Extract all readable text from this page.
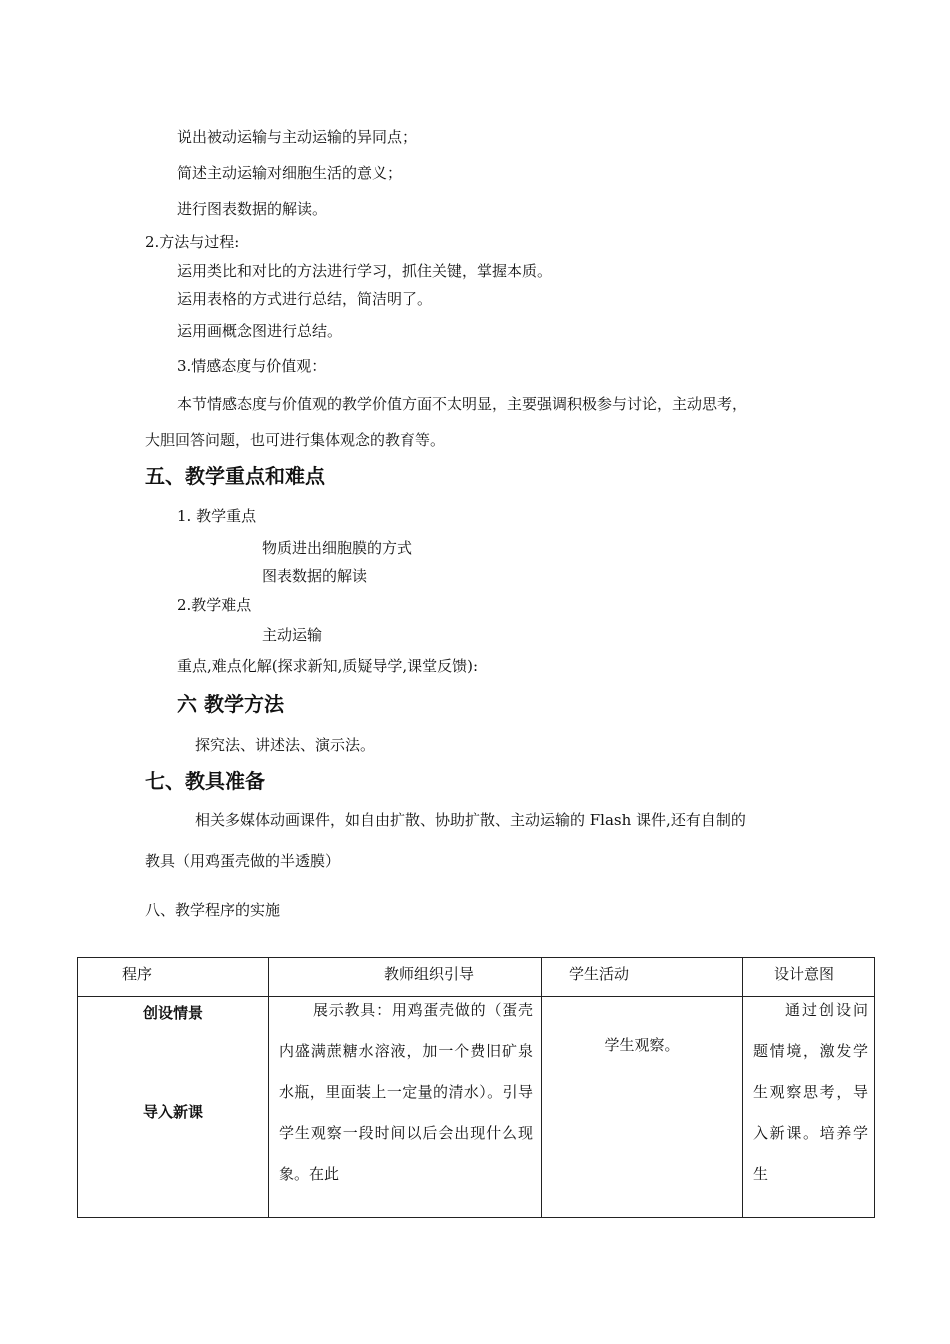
说出被动运输与主动运输的异同点；
简述主动运输对细胞生活的意义；
进行图表数据的解读。
2.方法与过程:
运用类比和对比的方法进行学习，抓住关键，掌握本质。
运用表格的方式进行总结，简洁明了。
运用画概念图进行总结。
3.情感态度与价值观：
本节情感态度与价值观的教学价值方面不太明显，主要强调积极参与讨论，主动思考，
大胆回答问题，也可进行集体观念的教育等。
五、教学重点和难点
1. 教学重点
物质进出细胞膜的方式
图表数据的解读
2.教学难点
主动运输
重点,难点化解(探求新知,质疑导学,课堂反馈):
六 教学方法
探究法、讲述法、演示法。
七、教具准备
相关多媒体动画课件，如自由扩散、协助扩散、主动运输的 Flash 课件,还有自制的
教具（用鸡蛋壳做的半透膜）
八、教学程序的实施
程序	教师组织引导	学生活动	设计意图

创设情景
导入新课	展示教具：用鸡蛋壳做的（蛋壳内盛满蔗糖水溶液，加一个费旧矿泉水瓶，里面装上一定量的清水）。引导学生观察一段时间以后会出现什么现象。在此	学生观察。	通过创设问题情境，激发学生观察思考，导入新课。培养学生
